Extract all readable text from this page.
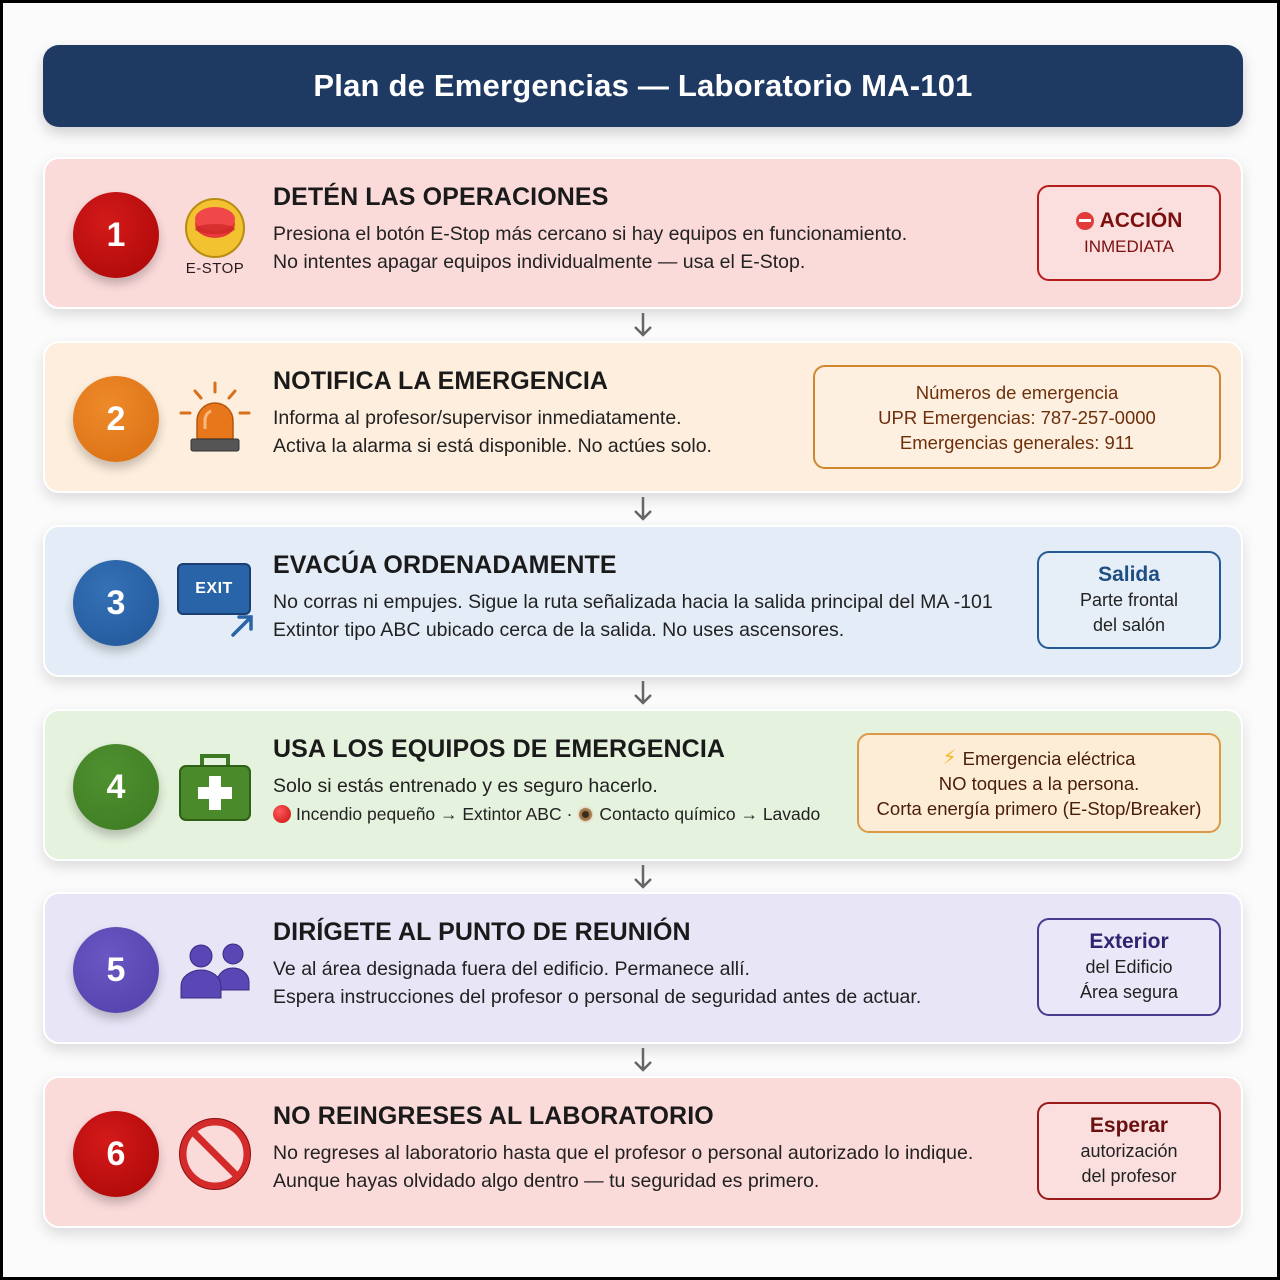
Plan de Emergencias — Laboratorio MA-101
1
E-STOP
DETÉN LAS OPERACIONES
Presiona el botón E-Stop más cercano si hay equipos en funcionamiento.
No intentes apagar equipos individualmente — usa el E-Stop.
ACCIÓN
INMEDIATA
2
NOTIFICA LA EMERGENCIA
Informa al profesor/supervisor inmediatamente.
Activa la alarma si está disponible. No actúes solo.
Números de emergencia
UPR Emergencias: 787-257-0000
Emergencias generales: 911
3	EXIT
EVACÚA ORDENADAMENTE
No corras ni empujes. Sigue la ruta señalizada hacia la salida principal del MA -101
Extintor tipo ABC ubicado cerca de la salida. No uses ascensores.
Salida
Parte frontal
del salón
4
USA LOS EQUIPOS DE EMERGENCIA
Solo si estás entrenado y es seguro hacerlo.
Incendio pequeño → Extintor ABC · Contacto químico → Lavado
⚡ Emergencia eléctrica
NO toques a la persona.
Corta energía primero (E-Stop/Breaker)
5
DIRÍGETE AL PUNTO DE REUNIÓN
Ve al área designada fuera del edificio. Permanece allí.
Espera instrucciones del profesor o personal de seguridad antes de actuar.
Exterior
del Edificio
Área segura
6
NO REINGRESES AL LABORATORIO
No regreses al laboratorio hasta que el profesor o personal autorizado lo indique.
Aunque hayas olvidado algo dentro — tu seguridad es primero.
Esperar
autorización
del profesor
